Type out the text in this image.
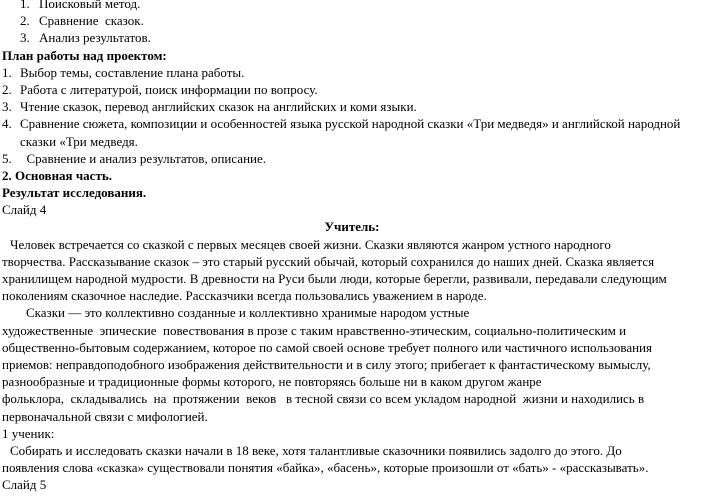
1. Поисковый метод.
2. Сравнение  сказок.
3. Анализ результатов.
План работы над проектом:
1. Выбор темы, составление плана работы.
2. Работа с литературой, поиск информации по вопросу.
3. Чтение сказок, перевод английских сказок на английских и коми языки.
4. Сравнение сюжета, композиции и особенностей языка русской народной сказки «Три медведя» и английской народной
сказки «Три медведя.
5.  Сравнение и анализ результатов, описание.
2. Основная часть.
Результат исследования.
Слайд 4
Учитель:
Человек встречается со сказкой с первых месяцев своей жизни. Сказки являются жанром устного народного
творчества. Рассказывание сказок – это старый русский обычай, который сохранился до наших дней. Сказка является
хранилищем народной мудрости. В древности на Руси были люди, которые берегли, развивали, передавали следующим
поколениям сказочное наследие. Рассказчики всегда пользовались уважением в народе.
Сказки — это коллективно созданные и коллективно хранимые народом устные
художественные  эпические  повествования в прозе с таким нравственно-этическим, социально-политическим и
общественно-бытовым содержанием, которое по самой своей основе требует полного или частичного использования
приемов: неправдоподобного изображения действительности и в силу этого; прибегает к фантастическому вымыслу,
разнообразные и традиционные формы которого, не повторяясь больше ни в каком другом жанре
фольклора,  складывались  на  протяжении  веков   в тесной связи со всем укладом народной  жизни и находились в
первоначальной связи с мифологией.
1 ученик:
Собирать и исследовать сказки начали в 18 веке, хотя талантливые сказочники появились задолго до этого. До
появления слова «сказка» существовали понятия «байка», «басень», которые произошли от «бать» - «рассказывать».
Слайд 5
